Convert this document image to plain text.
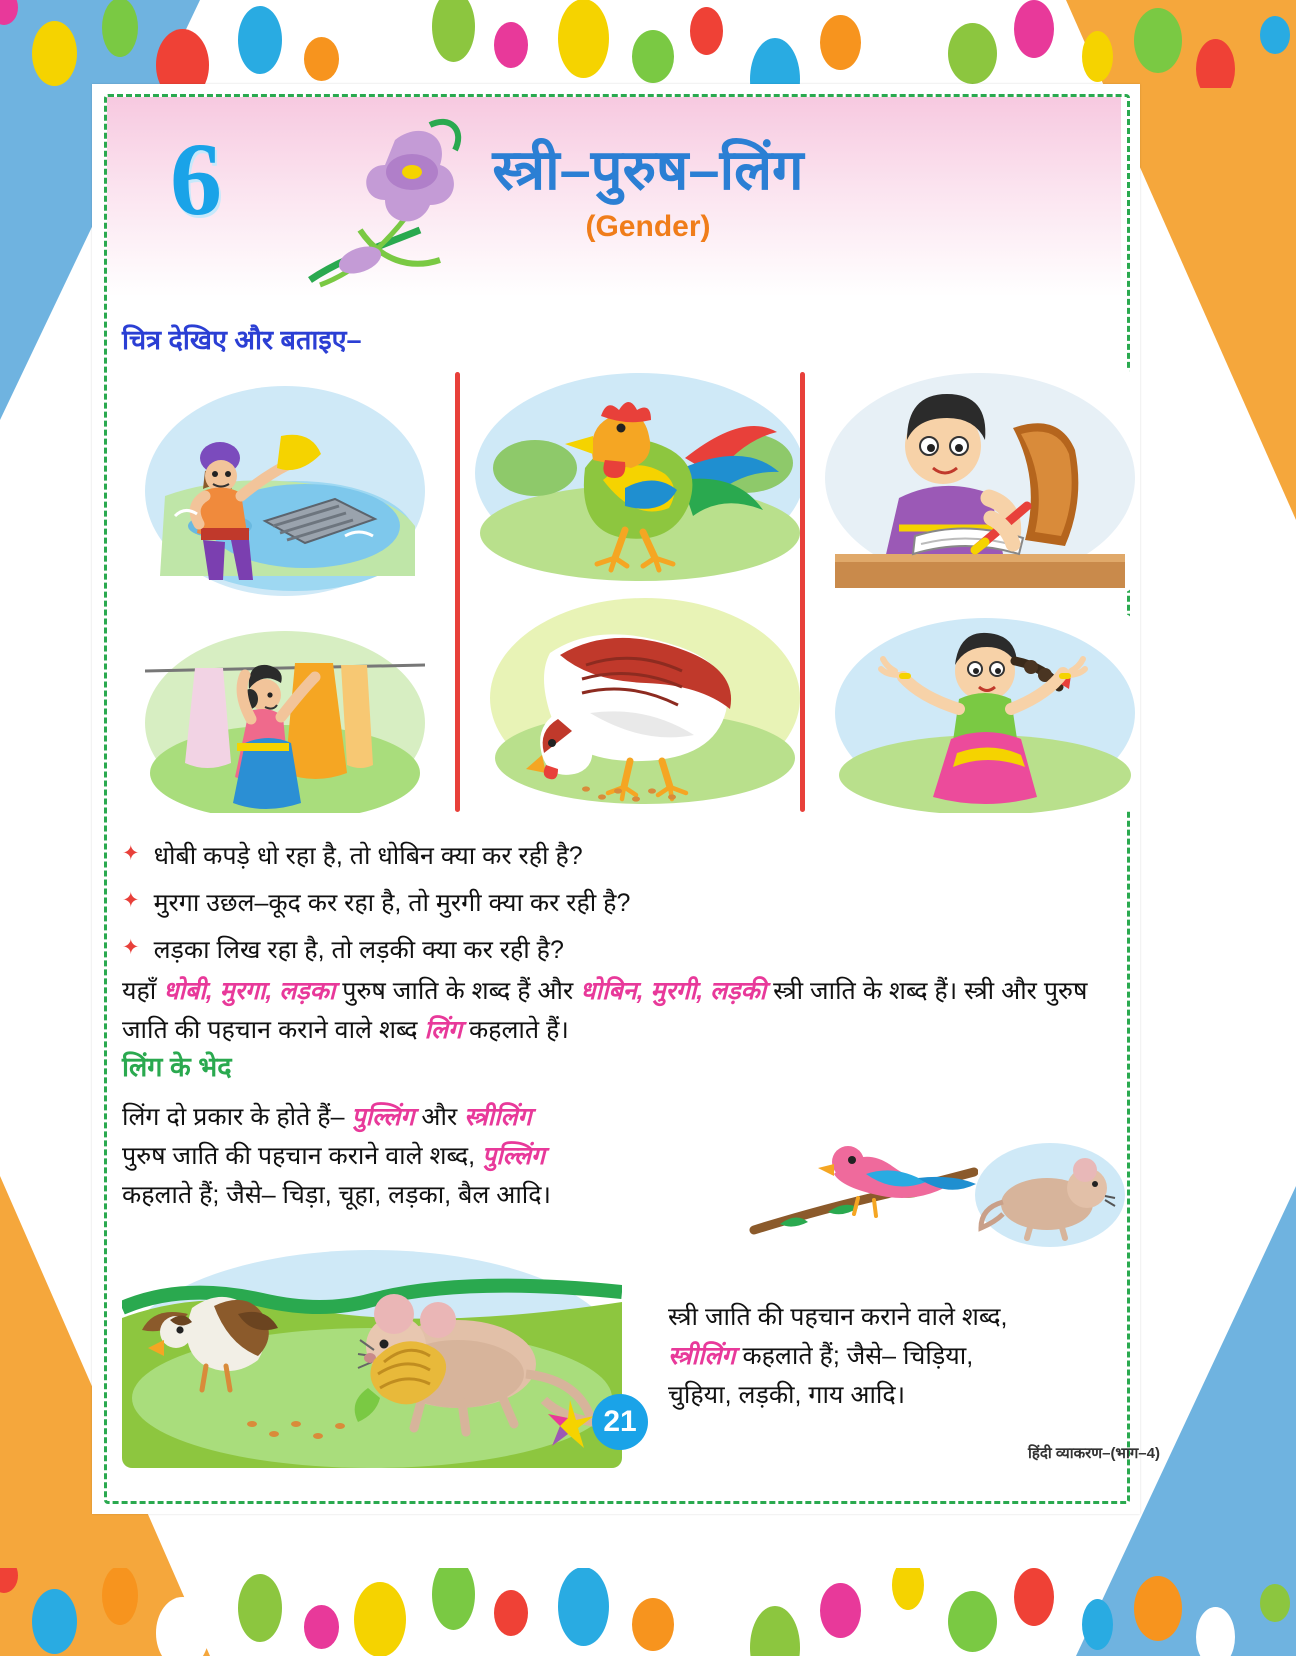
6	स्त्री–पुरुष–लिंग
(Gender)
चित्र देखिए और बताइए–
✦ धोबी कपड़े धो रहा है, तो धोबिन क्या कर रही है?
✦ मुरगा उछल–कूद कर रहा है, तो मुरगी क्या कर रही है?
✦ लड़का लिख रहा है, तो लड़की क्या कर रही है?
यहाँ धोबी, मुरगा, लड़का पुरुष जाति के शब्द हैं और धोबिन, मुरगी, लड़की स्त्री जाति के शब्द हैं। स्त्री और पुरुष जाति की पहचान कराने वाले शब्द लिंग कहलाते हैं।
लिंग के भेद
लिंग दो प्रकार के होते हैं– पुल्लिंग और स्त्रीलिंग
पुरुष जाति की पहचान कराने वाले शब्द, पुल्लिंग
कहलाते हैं; जैसे– चिड़ा, चूहा, लड़का, बैल आदि।
स्त्री जाति की पहचान कराने वाले शब्द,
स्त्रीलिंग कहलाते हैं; जैसे– चिड़िया,
चुहिया, लड़की, गाय आदि।
21
हिंदी व्याकरण–(भाग–4)
